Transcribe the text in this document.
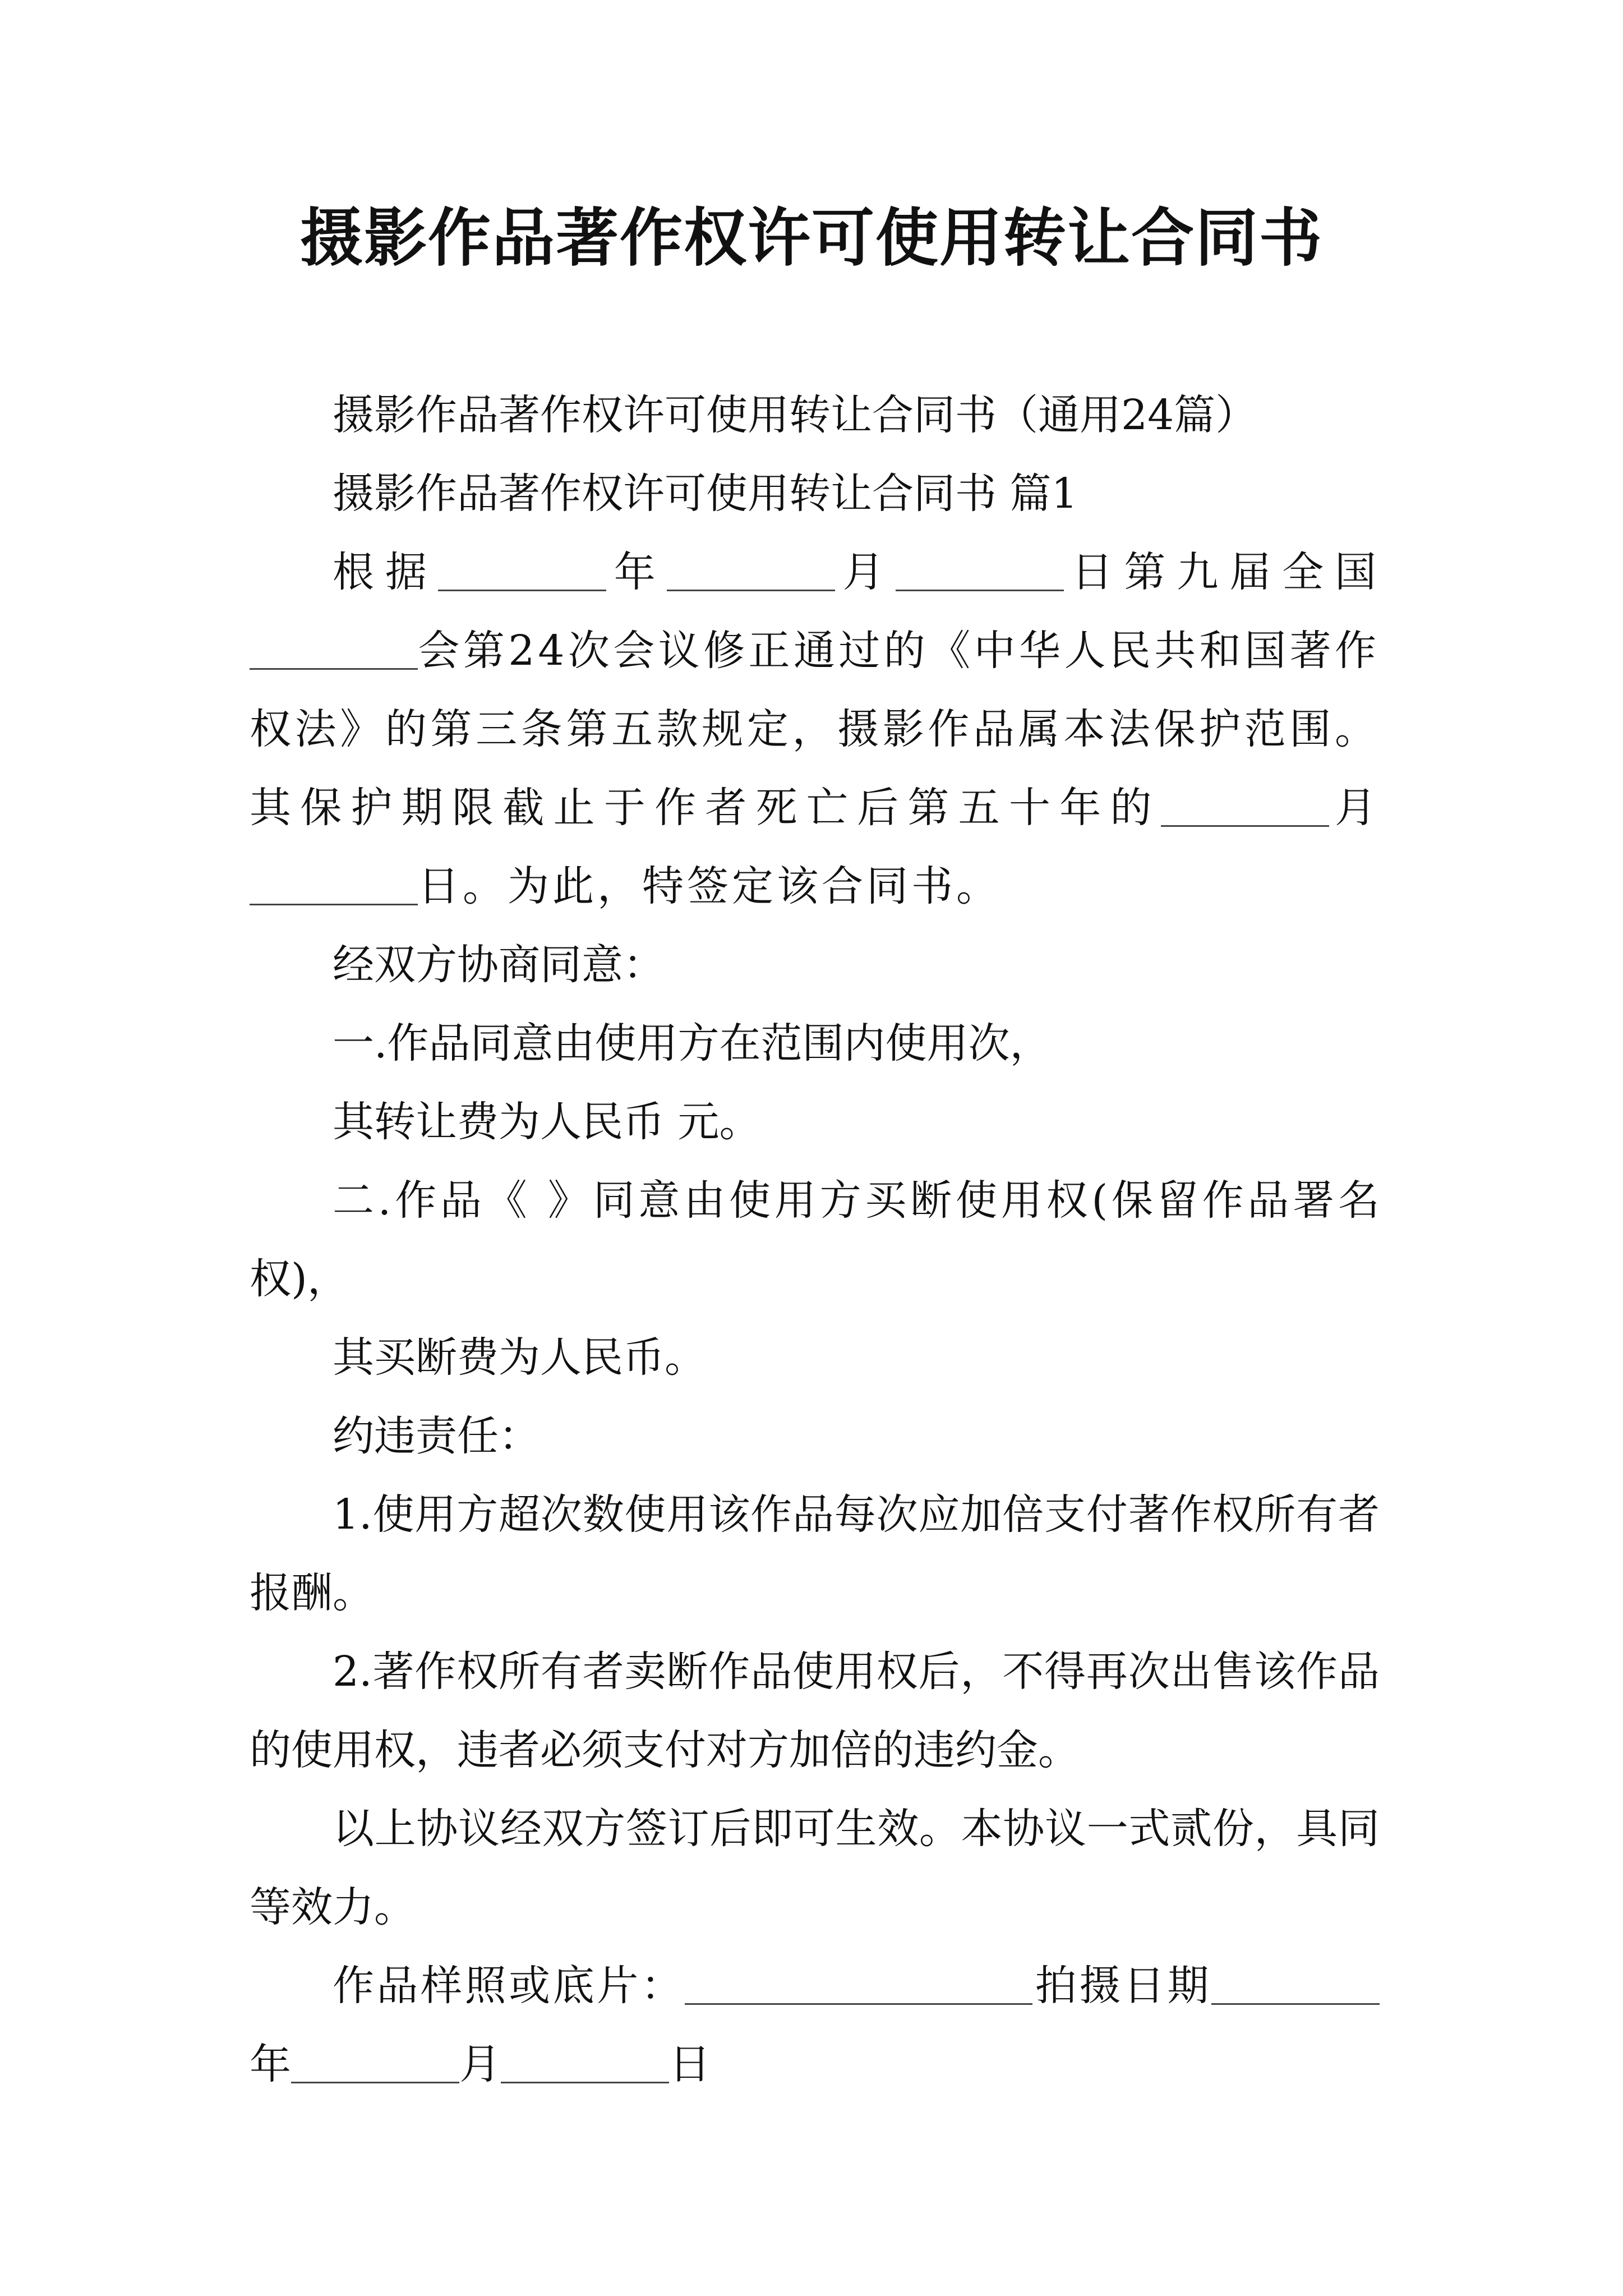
摄影作品著作权许可使用转让合同书

摄影作品著作权许可使用转让合同书（通用24篇）

摄影作品著作权许可使用转让合同书 篇1

根据	年	月	日第九届全国会第24次会议修正通过的《中华人民共和国著作权法》的第三条第五款规定，摄影作品属本法保护范围。其保护期限截止于作者死亡后第五十年的	月日。为此，特签定该合同书。

经双方协商同意：

一.作品同意由使用方在范围内使用次，

其转让费为人民币 元。

二.作品《 》同意由使用方买断使用权(保留作品署名权)，

其买断费为人民币。

约违责任：

1.使用方超次数使用该作品每次应加倍支付著作权所有者报酬。

2.著作权所有者卖断作品使用权后，不得再次出售该作品的使用权，违者必须支付对方加倍的违约金。

以上协议经双方签订后即可生效。本协议一式贰份，具同等效力。

作品样照或底片：	拍摄日期年	月	日
